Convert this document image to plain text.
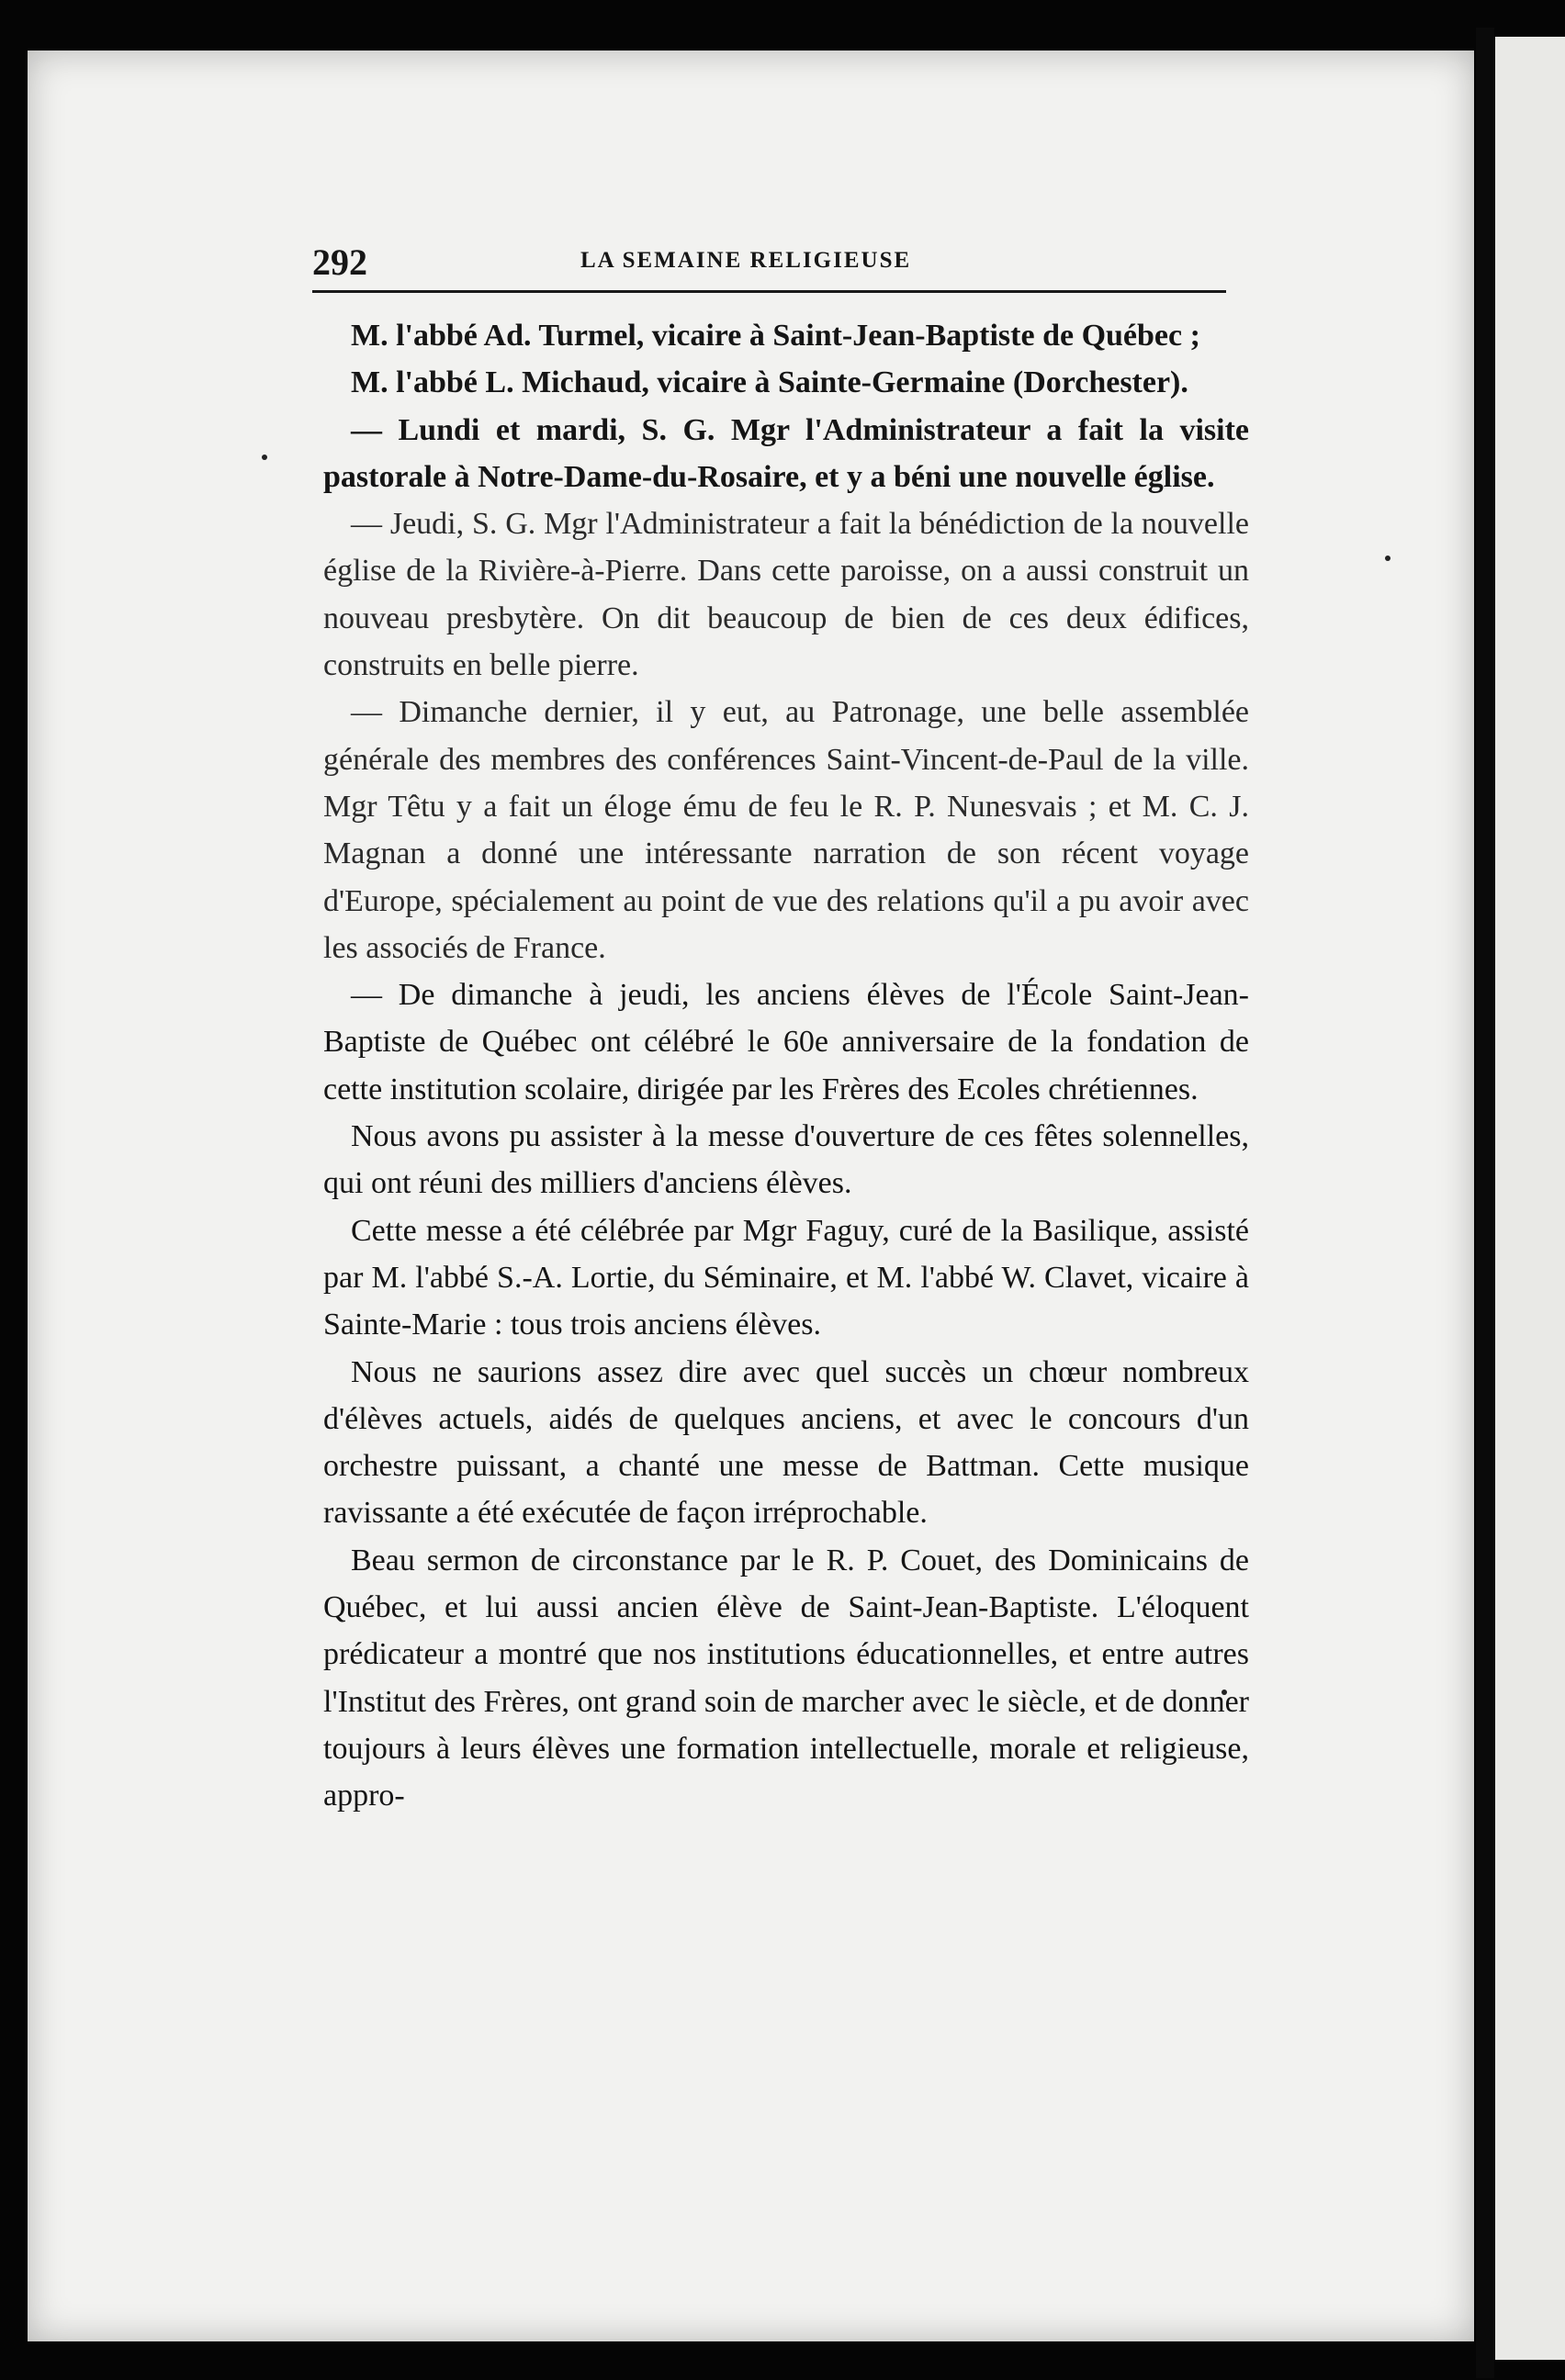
292	LA SEMAINE RELIGIEUSE

M. l'abbé Ad. Turmel, vicaire à Saint-Jean-Baptiste de Québec ;

M. l'abbé L. Michaud, vicaire à Sainte-Germaine (Dorchester).

— Lundi et mardi, S. G. Mgr l'Administrateur a fait la visite pastorale à Notre-Dame-du-Rosaire, et y a béni une nouvelle église.

— Jeudi, S. G. Mgr l'Administrateur a fait la bénédiction de la nouvelle église de la Rivière-à-Pierre. Dans cette paroisse, on a aussi construit un nouveau presbytère. On dit beaucoup de bien de ces deux édifices, construits en belle pierre.

— Dimanche dernier, il y eut, au Patronage, une belle assemblée générale des membres des conférences Saint-Vincent-de-Paul de la ville. Mgr Têtu y a fait un éloge ému de feu le R. P. Nunesvais ; et M. C. J. Magnan a donné une intéressante narration de son récent voyage d'Europe, spécialement au point de vue des relations qu'il a pu avoir avec les associés de France.

— De dimanche à jeudi, les anciens élèves de l'École Saint-Jean-Baptiste de Québec ont célébré le 60e anniversaire de la fondation de cette institution scolaire, dirigée par les Frères des Ecoles chrétiennes.

Nous avons pu assister à la messe d'ouverture de ces fêtes solennelles, qui ont réuni des milliers d'anciens élèves.

Cette messe a été célébrée par Mgr Faguy, curé de la Basilique, assisté par M. l'abbé S.-A. Lortie, du Séminaire, et M. l'abbé W. Clavet, vicaire à Sainte-Marie : tous trois anciens élèves.

Nous ne saurions assez dire avec quel succès un chœur nombreux d'élèves actuels, aidés de quelques anciens, et avec le concours d'un orchestre puissant, a chanté une messe de Battman. Cette musique ravissante a été exécutée de façon irréprochable.

Beau sermon de circonstance par le R. P. Couet, des Dominicains de Québec, et lui aussi ancien élève de Saint-Jean-Baptiste. L'éloquent prédicateur a montré que nos institutions éducationnelles, et entre autres l'Institut des Frères, ont grand soin de marcher avec le siècle, et de donner toujours à leurs élèves une formation intellectuelle, morale et religieuse, appro-
